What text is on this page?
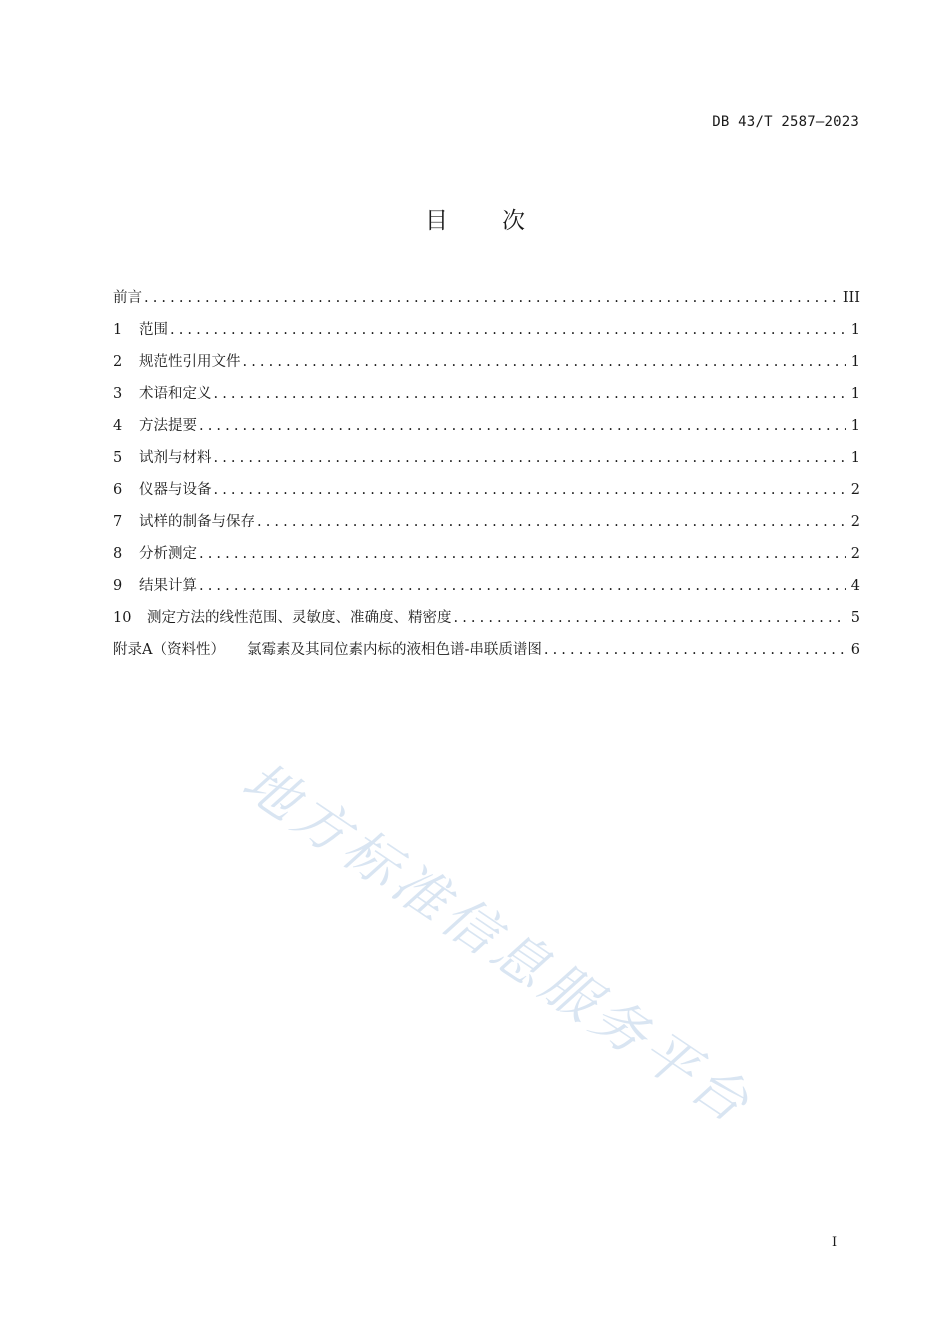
DB 43/T 2587—2023
目次
前言 .....	III
1	范围 .....	1
2	规范性引用文件 .....	1
3	术语和定义 .....	1
4	方法提要 .....	1
5	试剂与材料 .....	1
6	仪器与设备 .....	2
7	试样的制备与保存 .....	2
8	分析测定 .....	2
9	结果计算 .....	4
10	测定方法的线性范围、灵敏度、准确度、精密度 .....	5
附录A（资料性）	氯霉素及其同位素内标的液相色谱-串联质谱图 .....	6
地方标准信息服务平台
I
